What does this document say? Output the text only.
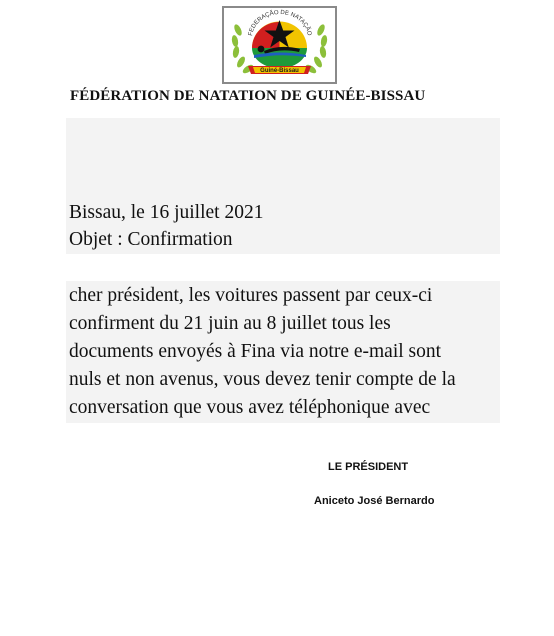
FEDERAÇÃO DE NATAÇÃO
Guiné-Bissau
FÉDÉRATION DE NATATION DE GUINÉE-BISSAU
Bissau, le 16 juillet 2021
Objet : Confirmation
cher président, les voitures passent par ceux-ci
confirment du 21 juin au 8 juillet tous les
documents envoyés à Fina via notre e-mail sont
nuls et non avenus, vous devez tenir compte de la
conversation que vous avez téléphonique avec
LE PRÉSIDENT
Aniceto José Bernardo
